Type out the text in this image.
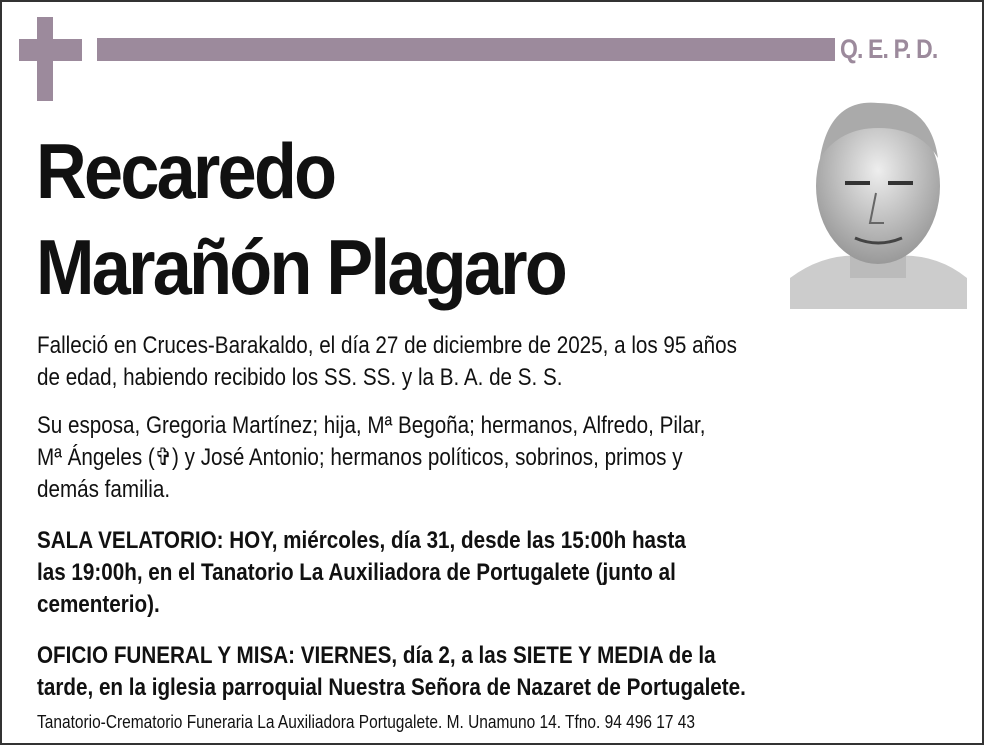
Q. E. P. D.
Recaredo
Marañón Plagaro

Falleció en Cruces-Barakaldo, el día 27 de diciembre de 2025, a los 95 años

de edad, habiendo recibido los SS. SS. y la B. A. de S. S.

Su esposa, Gregoria Martínez; hija, Mª Begoña; hermanos, Alfredo, Pilar,

Mª Ángeles (✞) y José Antonio; hermanos políticos, sobrinos, primos y

demás familia.

SALA VELATORIO: HOY, miércoles, día 31, desde las 15:00h hasta

las 19:00h, en el Tanatorio La Auxiliadora de Portugalete (junto al

cementerio).

OFICIO FUNERAL Y MISA: VIERNES, día 2, a las SIETE Y MEDIA de la

tarde, en la iglesia parroquial Nuestra Señora de Nazaret de Portugalete.

Tanatorio-Crematorio Funeraria La Auxiliadora Portugalete. M. Unamuno 14. Tfno. 94 496 17 43
